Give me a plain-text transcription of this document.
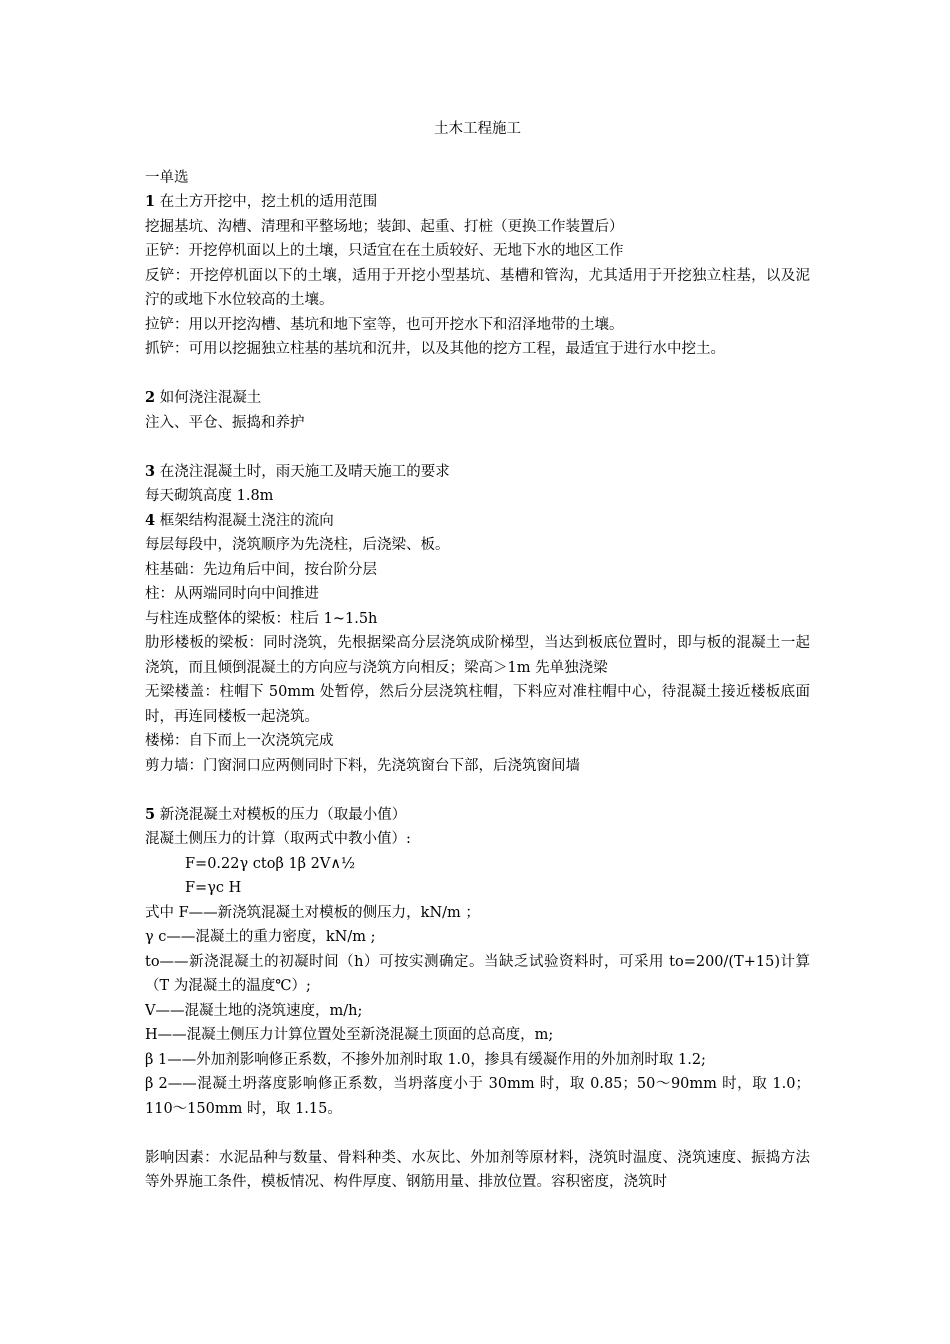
土木工程施工

一单选

1 在土方开挖中，挖土机的适用范围

挖掘基坑、沟槽、清理和平整场地；装卸、起重、打桩（更换工作装置后）

正铲：开挖停机面以上的土壤，只适宜在在土质较好、无地下水的地区工作

反铲：开挖停机面以下的土壤，适用于开挖小型基坑、基槽和管沟，尤其适用于开挖独立柱基，以及泥泞的或地下水位较高的土壤。

拉铲：用以开挖沟槽、基坑和地下室等，也可开挖水下和沼泽地带的土壤。

抓铲：可用以挖掘独立柱基的基坑和沉井，以及其他的挖方工程，最适宜于进行水中挖土。

2 如何浇注混凝土

注入、平仓、振捣和养护

3 在浇注混凝土时，雨天施工及晴天施工的要求

每天砌筑高度 1.8m

4 框架结构混凝土浇注的流向

每层每段中，浇筑顺序为先浇柱，后浇梁、板。

柱基础：先边角后中间，按台阶分层

柱：从两端同时向中间推进

与柱连成整体的梁板：柱后 1~1.5h

肋形楼板的梁板：同时浇筑，先根据梁高分层浇筑成阶梯型，当达到板底位置时，即与板的混凝土一起浇筑，而且倾倒混凝土的方向应与浇筑方向相反；梁高＞1m 先单独浇梁

无梁楼盖：柱帽下 50mm 处暂停，然后分层浇筑柱帽，下料应对准柱帽中心，待混凝土接近楼板底面时，再连同楼板一起浇筑。

楼梯：自下而上一次浇筑完成

剪力墙：门窗洞口应两侧同时下料，先浇筑窗台下部，后浇筑窗间墙

5 新浇混凝土对模板的压力（取最小值）

混凝土侧压力的计算（取两式中教小值）:

F=0.22γ ctoβ 1β 2V∧½

F=γc H

式中 F——新浇筑混凝土对模板的侧压力，kN/m ；

γ c——混凝土的重力密度，kN/m ;

to——新浇混凝土的初凝时间（h）可按实测确定。当缺乏试验资料时，可采用 to=200/(T+15)计算（T 为混凝土的温度℃）;

V——混凝土地的浇筑速度，m/h;

H——混凝土侧压力计算位置处至新浇混凝土顶面的总高度，m;

β 1——外加剂影响修正系数，不掺外加剂时取 1.0，掺具有缓凝作用的外加剂时取 1.2;

β 2——混凝土坍落度影响修正系数，当坍落度小于 30mm 时，取 0.85；50～90mm 时，取 1.0；110～150mm 时，取 1.15。

影响因素：水泥品种与数量、骨料种类、水灰比、外加剂等原材料，浇筑时温度、浇筑速度、振捣方法等外界施工条件，模板情况、构件厚度、钢筋用量、排放位置。容积密度，浇筑时
